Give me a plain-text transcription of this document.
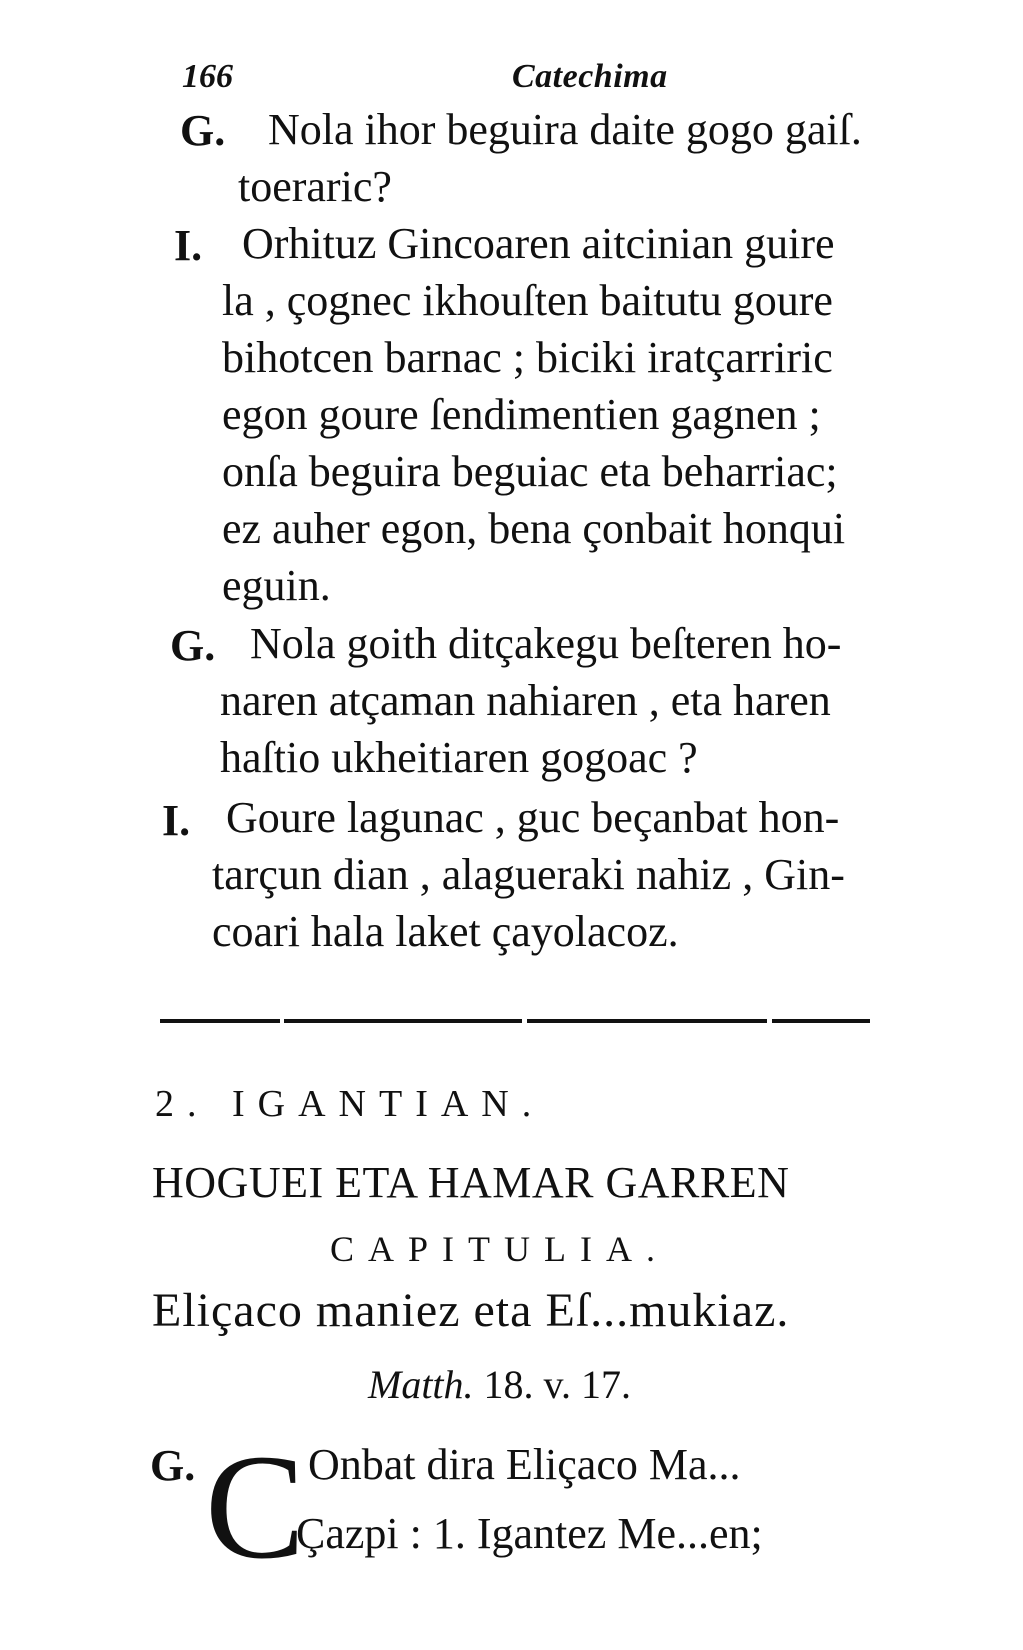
166	Catechima
G. Nola ihor beguira daite gogo gaiſ.
toeraric?
I. Orhituz Gincoaren aitcinian guire
la , çognec ikhouſten baitutu goure
bihotcen barnac ; biciki iratçarriric
egon goure ſendimentien gagnen ;
onſa beguira beguiac eta beharriac;
ez auher egon, bena çonbait honqui
eguin.
G. Nola goith ditçakegu beſteren ho-
naren atçaman nahiaren , eta haren
haſtio ukheitiaren gogoac ?
I. Goure lagunac , guc beçanbat hon-
tarçun dian , alagueraki nahiz , Gin-
coari hala laket çayolacoz.
2. IGANTIAN.
HOGUEI ETA HAMAR GARREN
CAPITULIA.
Eliçaco maniez eta Eſ...mukiaz.
Matth. 18. v. 17.
G. C Onbat dira Eliçaco Ma...
Çazpi : 1. Igantez Me...en;
